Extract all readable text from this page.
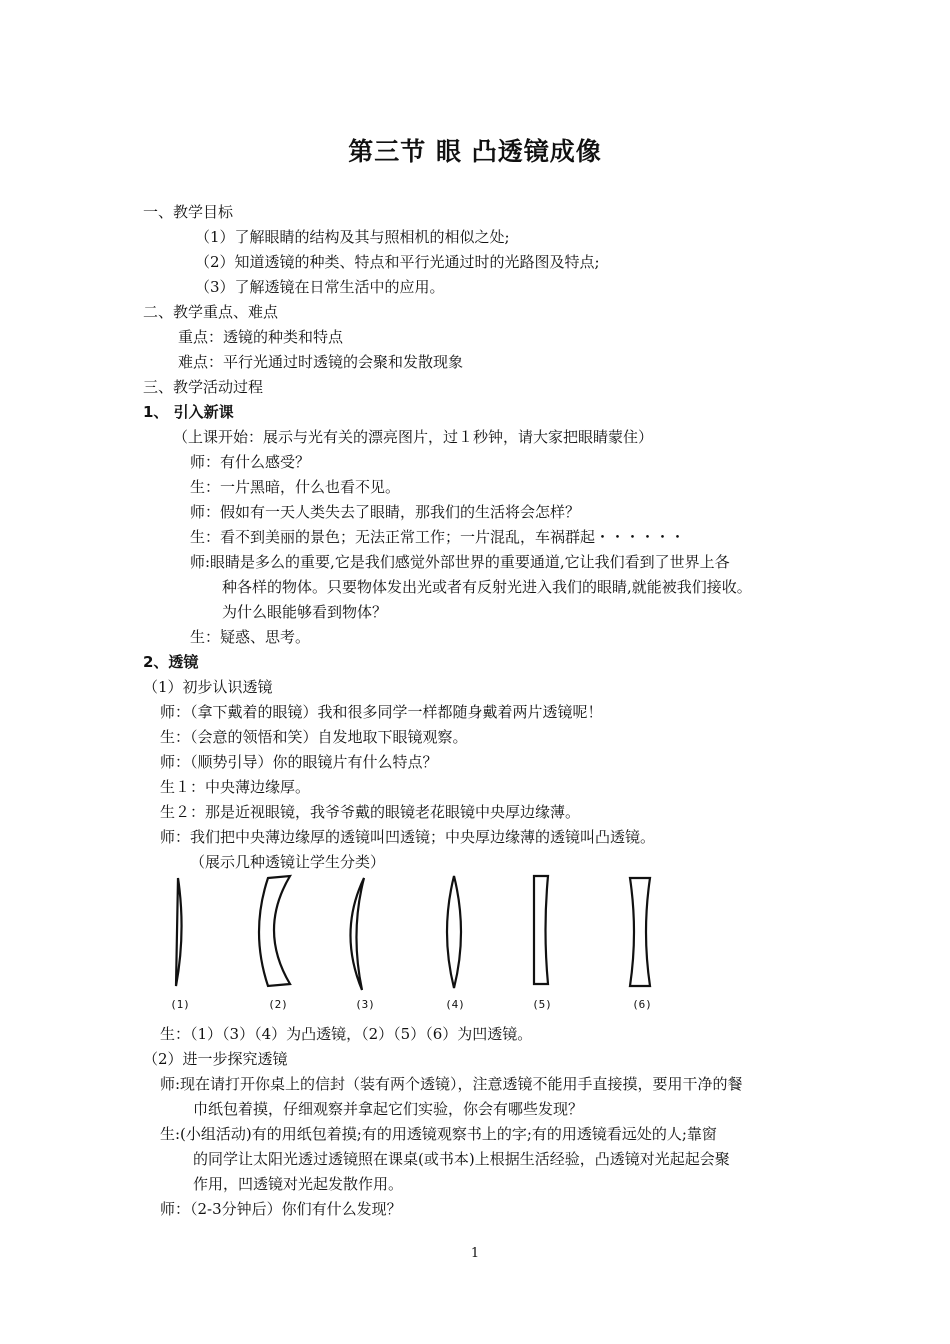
第三节 眼 凸透镜成像
一、教学目标
（1）了解眼睛的结构及其与照相机的相似之处;
（2）知道透镜的种类、特点和平行光通过时的光路图及特点;
（3）了解透镜在日常生活中的应用。
二、教学重点、难点
重点：透镜的种类和特点
难点：平行光通过时透镜的会聚和发散现象
三、教学活动过程
1、 引入新课
（上课开始：展示与光有关的漂亮图片，过１秒钟，请大家把眼睛蒙住）
师：有什么感受？
生：一片黑暗，什么也看不见。
师：假如有一天人类失去了眼睛，那我们的生活将会怎样？
生：看不到美丽的景色；无法正常工作；一片混乱，车祸群起・・・・・・
师:眼睛是多么的重要,它是我们感觉外部世界的重要通道,它让我们看到了世界上各
种各样的物体。只要物体发出光或者有反射光进入我们的眼睛,就能被我们接收。
为什么眼能够看到物体？
生：疑惑、思考。
2、透镜
（1）初步认识透镜
师：（拿下戴着的眼镜）我和很多同学一样都随身戴着两片透镜呢！
生：（会意的领悟和笑）自发地取下眼镜观察。
师：（顺势引导）你的眼镜片有什么特点？
生１：中央薄边缘厚。
生２：那是近视眼镜，我爷爷戴的眼镜老花眼镜中央厚边缘薄。
师：我们把中央薄边缘厚的透镜叫凹透镜；中央厚边缘薄的透镜叫凸透镜。
（展示几种透镜让学生分类）
生：（1）（3）（4）为凸透镜，（2）（5）（6）为凹透镜。
（2）进一步探究透镜
师:现在请打开你桌上的信封（装有两个透镜），注意透镜不能用手直接摸，要用干净的餐
巾纸包着摸，仔细观察并拿起它们实验，你会有哪些发现？
生:(小组活动)有的用纸包着摸;有的用透镜观察书上的字;有的用透镜看远处的人;靠窗
的同学让太阳光透过透镜照在课桌(或书本)上根据生活经验，凸透镜对光起起会聚
作用，凹透镜对光起发散作用。
师：（2-3分钟后）你们有什么发现？
(1)	(2)	(3)	(4)	(5)	(6)
1
